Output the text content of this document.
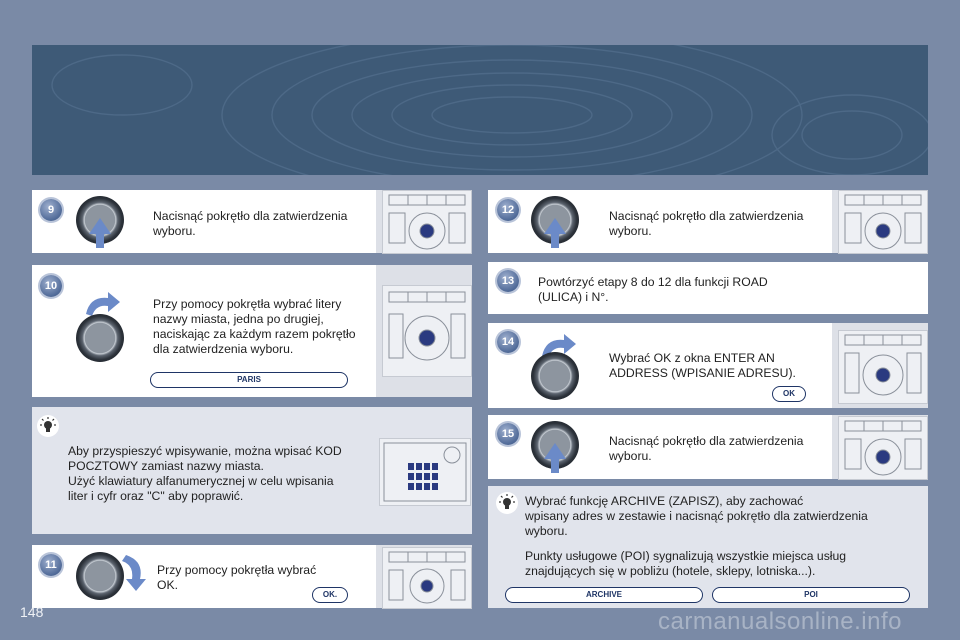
9	Nacisnąć pokrętło dla zatwierdzenia
wyboru.
10
Przy pomocy pokrętła wybrać litery
nazwy miasta, jedna po drugiej,
naciskając za każdym razem pokrętło
dla zatwierdzenia wyboru.
PARIS
Aby przyspieszyć wpisywanie, można wpisać KOD
POCZTOWY zamiast nazwy miasta.
Użyć klawiatury alfanumerycznej w celu wpisania
liter i cyfr oraz "C" aby poprawić.
11	Przy pomocy pokrętła wybrać
OK.
OK.
12	Nacisnąć pokrętło dla zatwierdzenia
wyboru.
13	Powtórzyć etapy 8 do 12 dla funkcji ROAD
(ULICA) i N°.
14
Wybrać OK z okna ENTER AN
ADDRESS (WPISANIE ADRESU).
OK
15	Nacisnąć pokrętło dla zatwierdzenia
wyboru.
Wybrać funkcję ARCHIVE (ZAPISZ), aby zachować
wpisany adres w zestawie i nacisnąć pokrętło dla zatwierdzenia
wyboru.
Punkty usługowe (POI) sygnalizują wszystkie miejsca usług
znajdujących się w pobliżu (hotele, sklepy, lotniska...).
ARCHIVE	POI
148	carmanualsonline.info
